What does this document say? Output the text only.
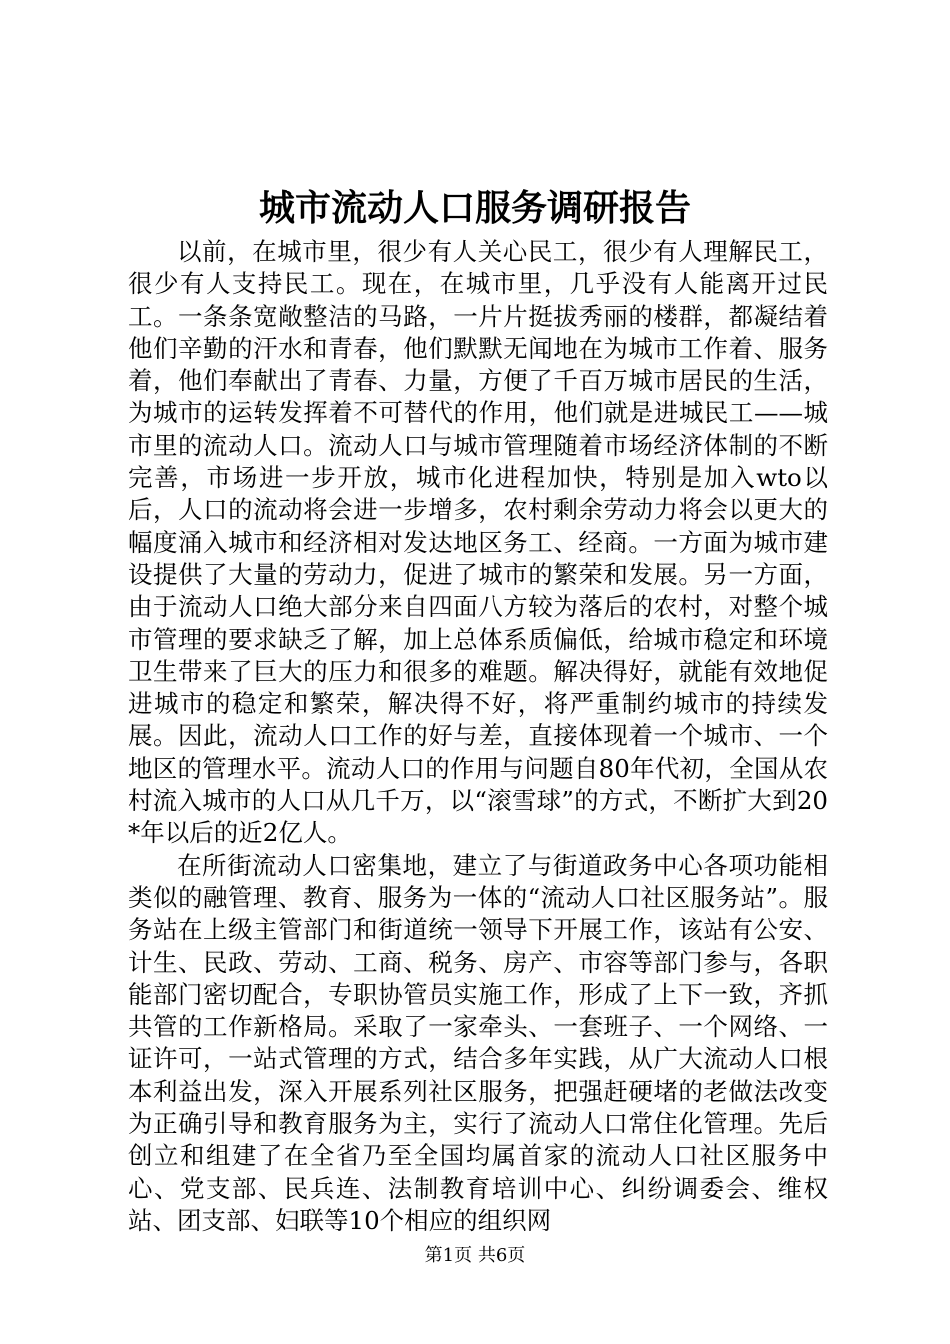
城市流动人口服务调研报告

以前，在城市里，很少有人关心民工，很少有人理解民工，很少有人支持民工。现在，在城市里，几乎没有人能离开过民工。一条条宽敞整洁的马路，一片片挺拔秀丽的楼群，都凝结着他们辛勤的汗水和青春，他们默默无闻地在为城市工作着、服务着，他们奉献出了青春、力量，方便了千百万城市居民的生活，为城市的运转发挥着不可替代的作用，他们就是进城民工——城市里的流动人口。流动人口与城市管理随着市场经济体制的不断完善，市场进一步开放，城市化进程加快，特别是加入wto以后，人口的流动将会进一步增多，农村剩余劳动力将会以更大的幅度涌入城市和经济相对发达地区务工、经商。一方面为城市建设提供了大量的劳动力，促进了城市的繁荣和发展。另一方面，由于流动人口绝大部分来自四面八方较为落后的农村，对整个城市管理的要求缺乏了解，加上总体系质偏低，给城市稳定和环境卫生带来了巨大的压力和很多的难题。解决得好，就能有效地促进城市的稳定和繁荣，解决得不好，将严重制约城市的持续发展。因此，流动人口工作的好与差，直接体现着一个城市、一个地区的管理水平。流动人口的作用与问题自80年代初，全国从农村流入城市的人口从几千万，以“滚雪球”的方式，不断扩大到20*年以后的近2亿人。

在所街流动人口密集地，建立了与街道政务中心各项功能相类似的融管理、教育、服务为一体的“流动人口社区服务站”。服务站在上级主管部门和街道统一领导下开展工作，该站有公安、计生、民政、劳动、工商、税务、房产、市容等部门参与，各职能部门密切配合，专职协管员实施工作，形成了上下一致，齐抓共管的工作新格局。采取了一家牵头、一套班子、一个网络、一证许可，一站式管理的方式，结合多年实践，从广大流动人口根本利益出发，深入开展系列社区服务，把强赶硬堵的老做法改变为正确引导和教育服务为主，实行了流动人口常住化管理。先后创立和组建了在全省乃至全国均属首家的流动人口社区服务中心、党支部、民兵连、法制教育培训中心、纠纷调委会、维权站、团支部、妇联等10个相应的组织网

第1页 共6页
